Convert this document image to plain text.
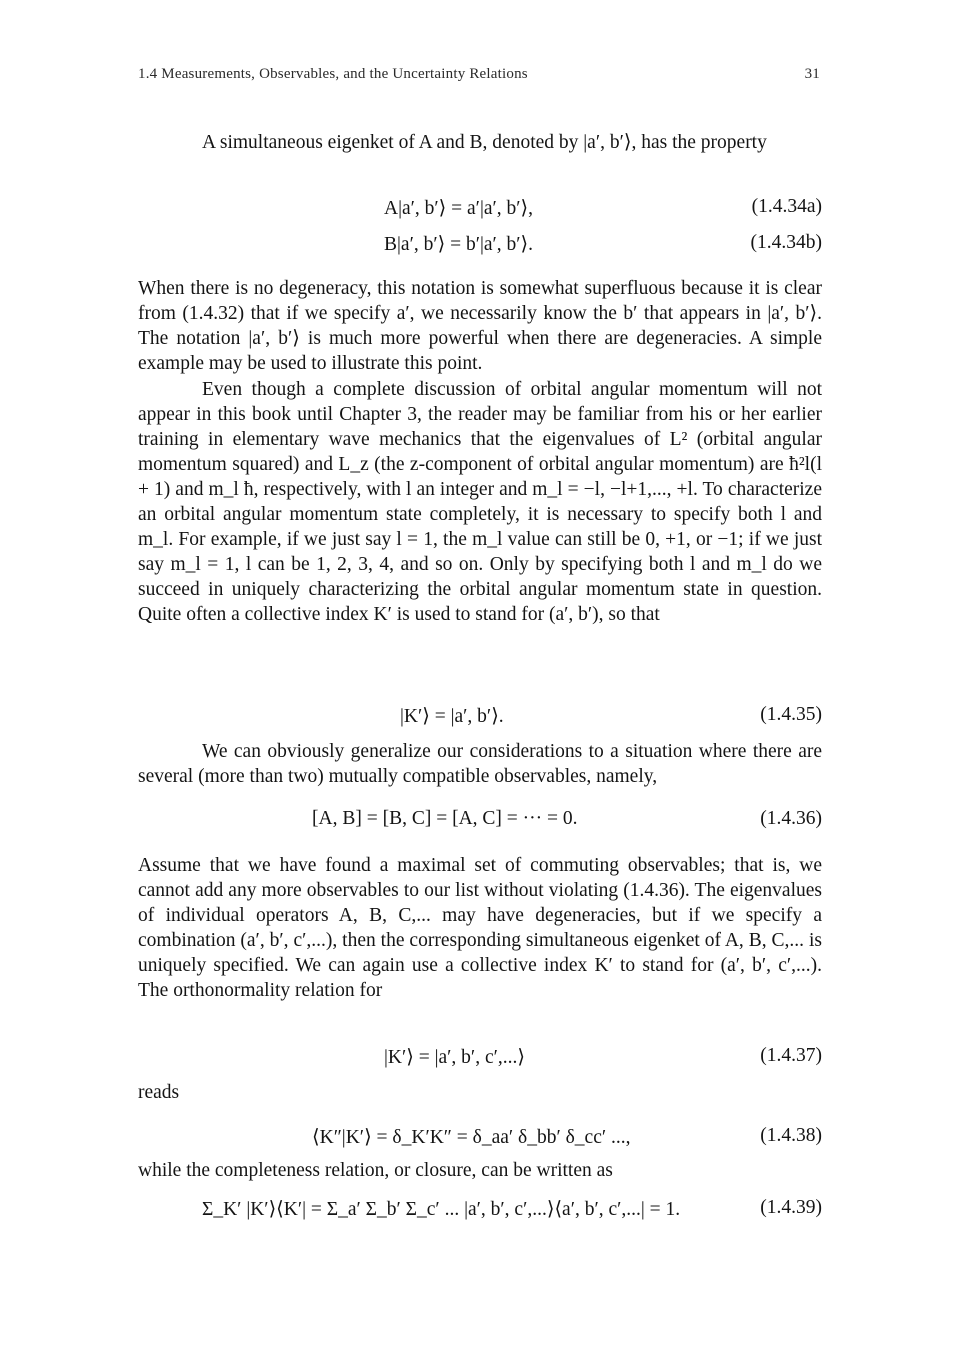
1.4 Measurements, Observables, and the Uncertainty Relations	31

A simultaneous eigenket of A and B, denoted by |a′, b′⟩, has the property

A|a′, b′⟩ = a′|a′, b′⟩,	(1.4.34a)
B|a′, b′⟩ = b′|a′, b′⟩.	(1.4.34b)

When there is no degeneracy, this notation is somewhat superfluous because it is clear from (1.4.32) that if we specify a′, we necessarily know the b′ that appears in |a′, b′⟩. The notation |a′, b′⟩ is much more powerful when there are degeneracies. A simple example may be used to illustrate this point.

Even though a complete discussion of orbital angular momentum will not appear in this book until Chapter 3, the reader may be familiar from his or her earlier training in elementary wave mechanics that the eigenvalues of L² (orbital angular momentum squared) and L_z (the z-component of orbital angular momentum) are ħ²l(l + 1) and m_l ħ, respectively, with l an integer and m_l = −l, −l+1,..., +l. To characterize an orbital angular momentum state completely, it is necessary to specify both l and m_l. For example, if we just say l = 1, the m_l value can still be 0, +1, or −1; if we just say m_l = 1, l can be 1, 2, 3, 4, and so on. Only by specifying both l and m_l do we succeed in uniquely characterizing the orbital angular momentum state in question. Quite often a collective index K′ is used to stand for (a′, b′), so that

|K′⟩ = |a′, b′⟩.	(1.4.35)

We can obviously generalize our considerations to a situation where there are several (more than two) mutually compatible observables, namely,

[A, B] = [B, C] = [A, C] = ··· = 0.	(1.4.36)

Assume that we have found a maximal set of commuting observables; that is, we cannot add any more observables to our list without violating (1.4.36). The eigenvalues of individual operators A, B, C,... may have degeneracies, but if we specify a combination (a′, b′, c′,...), then the corresponding simultaneous eigenket of A, B, C,... is uniquely specified. We can again use a collective index K′ to stand for (a′, b′, c′,...). The orthonormality relation for

|K′⟩ = |a′, b′, c′,...⟩	(1.4.37)

reads

⟨K″|K′⟩ = δ_K′K″ = δ_aa′ δ_bb′ δ_cc′ ...,	(1.4.38)

while the completeness relation, or closure, can be written as

Σ_K′ |K′⟩⟨K′| = Σ_a′ Σ_b′ Σ_c′ ... |a′, b′, c′,...⟩⟨a′, b′, c′,...| = 1.	(1.4.39)
